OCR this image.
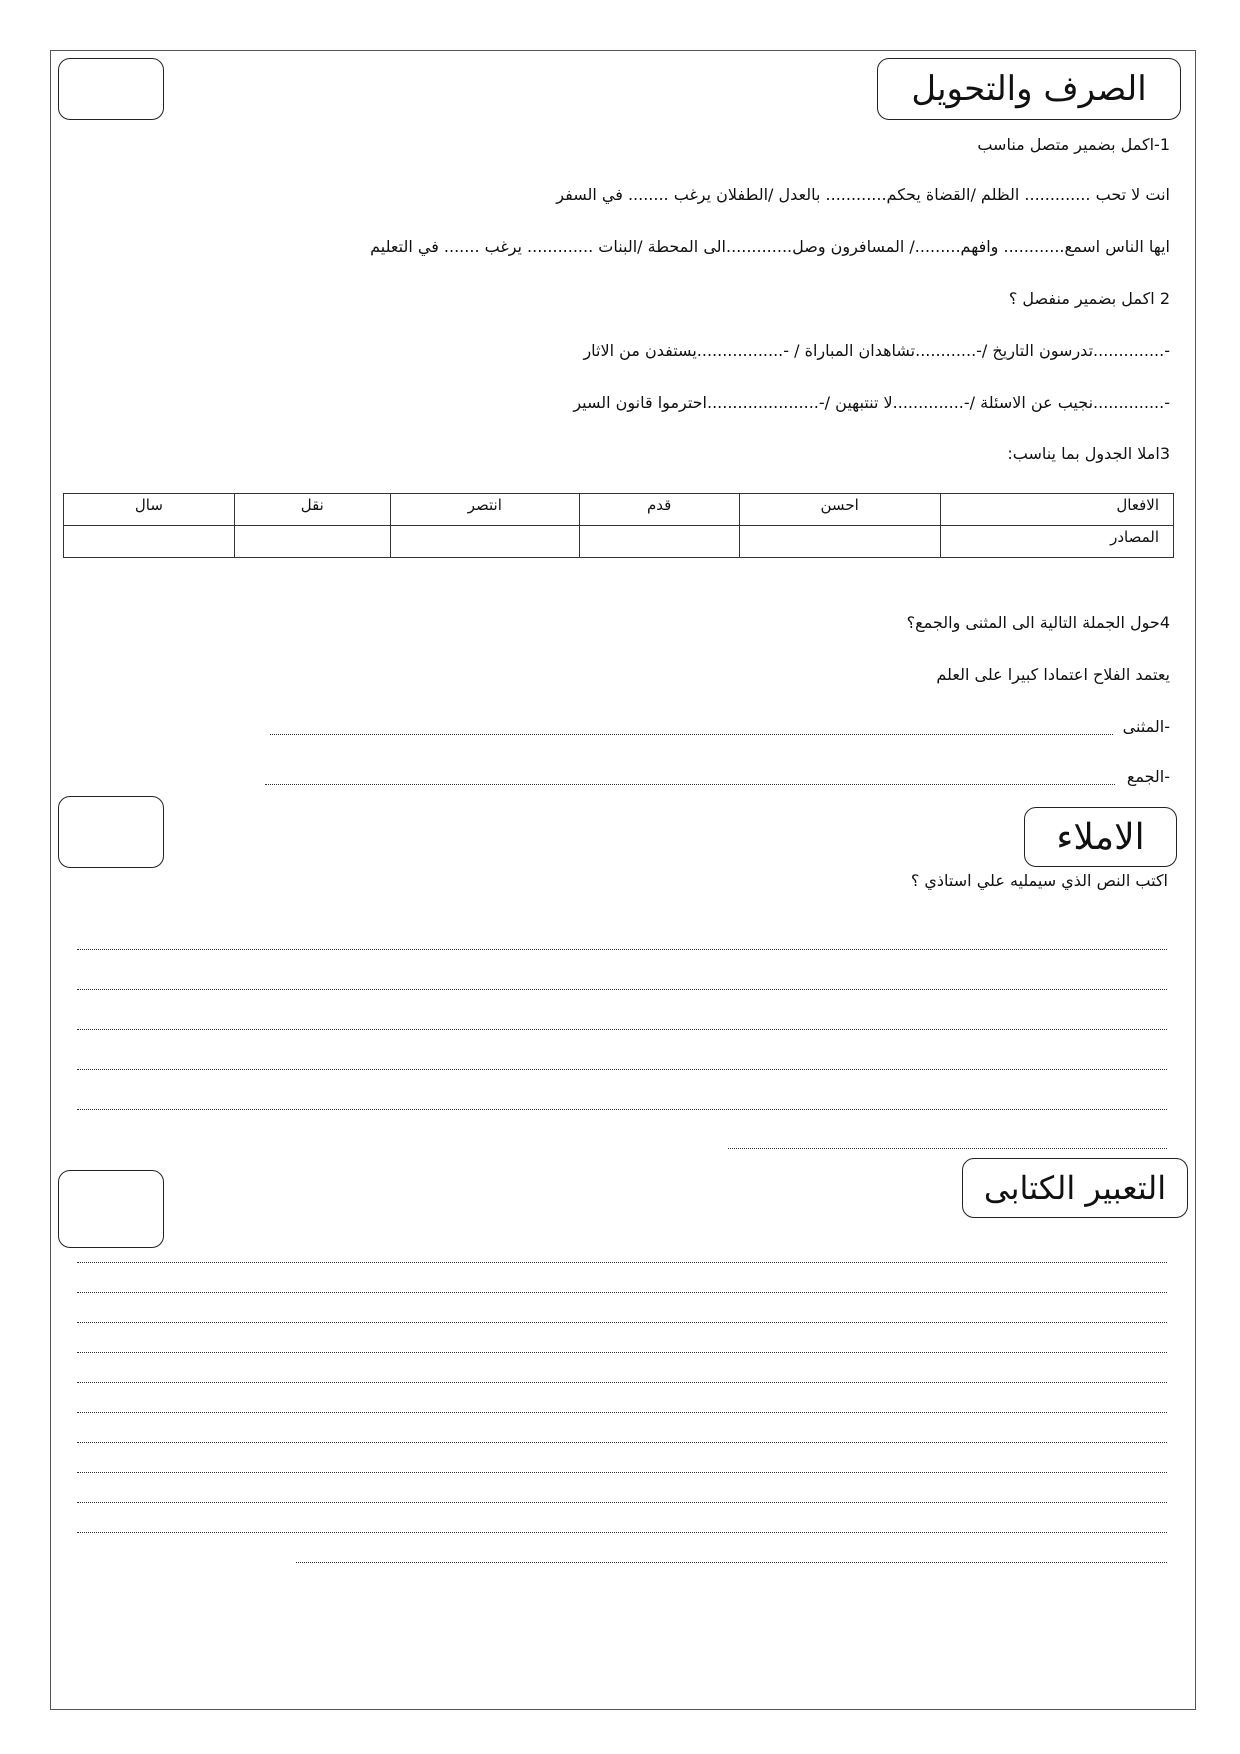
الصرف والتحويل
1-اكمل بضمير متصل مناسب
انت لا تحب ............. الظلم /القضاة يحكم............ بالعدل /الطفلان يرغب ........ في السفر
ايها الناس اسمع............ وافهم........./ المسافرون وصل.............الى المحطة /البنات ............. يرغب ....... في التعليم
2 اكمل بضمير منفصل ؟
-..............تدرسون التاريخ /-............تشاهدان المباراة / -.................يستفدن من الاثار
-..............نجيب عن الاسئلة /-..............لا تنتبهين /-......................احترموا قانون السير
3املا الجدول بما يناسب:
الافعال	احسن	قدم	انتصر	نقل	سال
المصادر					
4حول الجملة التالية الى المثنى والجمع؟
يعتمد الفلاح اعتمادا كبيرا على العلم
-المثنى
-الجمع
الاملاء
اكتب النص الذي سيمليه علي استاذي ؟
التعبير الكتابى
